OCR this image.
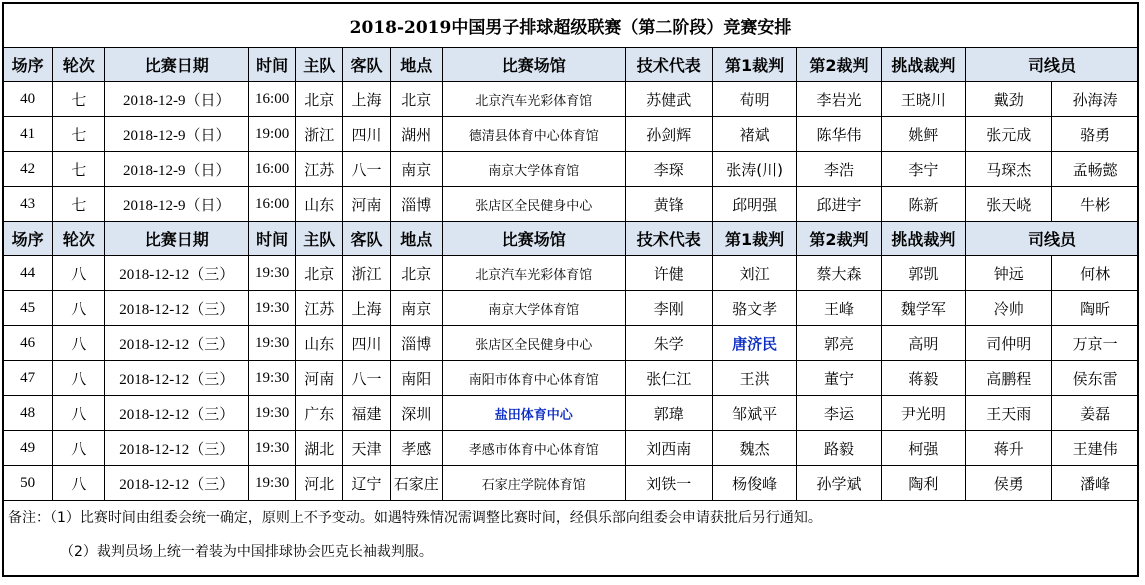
2018-2019中国男子排球超级联赛（第二阶段）竞赛安排													
场序	轮次	比赛日期	时间	主队	客队	地点	比赛场馆	技术代表	第1裁判	第2裁判	挑战裁判	司线员	
40	七	2018-12-9（日）	16:00	北京	上海	北京	北京汽车光彩体育馆	苏健武	荀明	李岩光	王晓川	戴劲	孙海涛
41	七	2018-12-9（日）	19:00	浙江	四川	湖州	德清县体育中心体育馆	孙剑辉	褚斌	陈华伟	姚鲆	张元成	骆勇
42	七	2018-12-9（日）	16:00	江苏	八一	南京	南京大学体育馆	李琛	张涛(川)	李浩	李宁	马琛杰	孟畅懿
43	七	2018-12-9（日）	16:00	山东	河南	淄博	张店区全民健身中心	黄锋	邱明强	邱进宇	陈新	张天峣	牛彬
场序	轮次	比赛日期	时间	主队	客队	地点	比赛场馆	技术代表	第1裁判	第2裁判	挑战裁判	司线员	
44	八	2018-12-12（三）	19:30	北京	浙江	北京	北京汽车光彩体育馆	许健	刘江	蔡大森	郭凯	钟远	何林
45	八	2018-12-12（三）	19:30	江苏	上海	南京	南京大学体育馆	李刚	骆文孝	王峰	魏学军	冷帅	陶昕
46	八	2018-12-12（三）	19:30	山东	四川	淄博	张店区全民健身中心	朱学	唐济民	郭亮	高明	司仲明	万京一
47	八	2018-12-12（三）	19:30	河南	八一	南阳	南阳市体育中心体育馆	张仁江	王洪	董宁	蒋毅	高鹏程	侯东雷
48	八	2018-12-12（三）	19:30	广东	福建	深圳	盐田体育中心	郭瑋	邹斌平	李运	尹光明	王天雨	姜磊
49	八	2018-12-12（三）	19:30	湖北	天津	孝感	孝感市体育中心体育馆	刘西南	魏杰	路毅	柯强	蒋升	王建伟
50	八	2018-12-12（三）	19:30	河北	辽宁	石家庄	石家庄学院体育馆	刘铁一	杨俊峰	孙学斌	陶利	侯勇	潘峰
备注：（1）比赛时间由组委会统一确定，原则上不予变动。如遇特殊情况需调整比赛时间，经俱乐部向组委会申请获批后另行通知。
（2）裁判员场上统一着装为中国排球协会匹克长袖裁判服。
